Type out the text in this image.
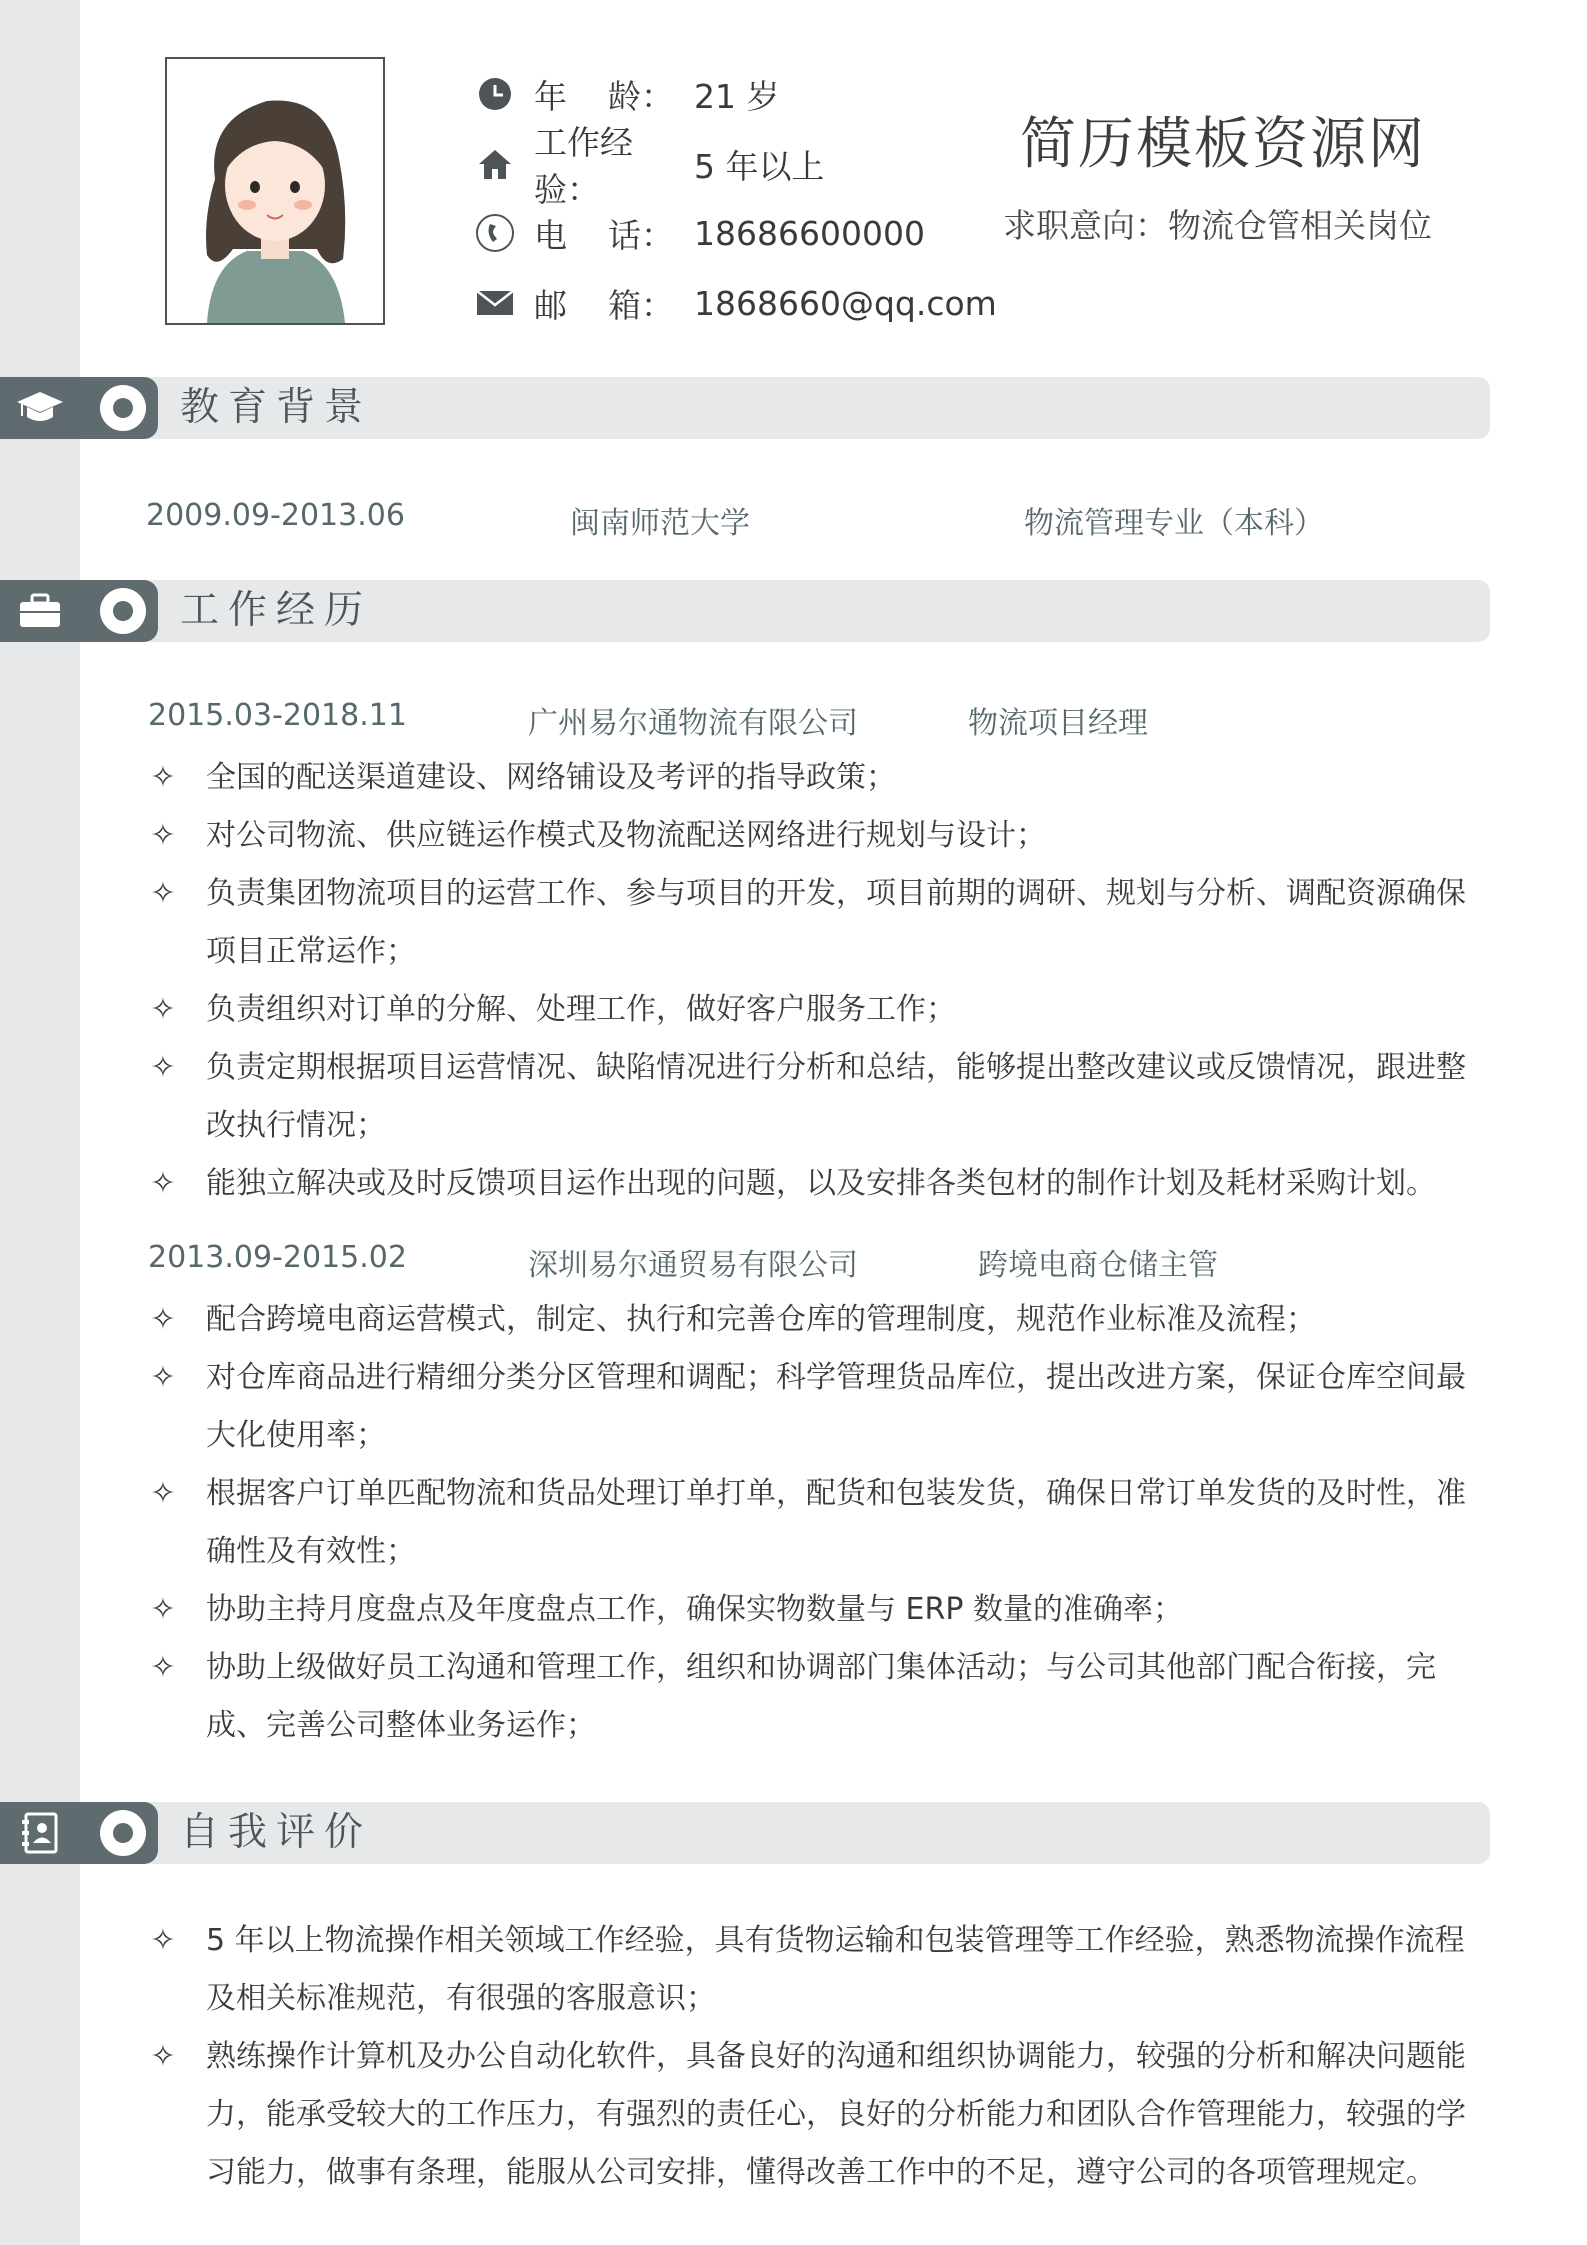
年 龄： 21 岁
工作经验：
5 年以上
电 话： 18686600000
邮 箱： 1868660@qq.com
简历模板资源网
求职意向：物流仓管相关岗位
教育背景
2009.09-2013.06	闽南师范大学	物流管理专业（本科）
工作经历
2015.03-2018.11	广州易尔通物流有限公司	物流项目经理
✧ 全国的配送渠道建设、网络铺设及考评的指导政策；
✧ 对公司物流、供应链运作模式及物流配送网络进行规划与设计；
✧ 负责集团物流项目的运营工作、参与项目的开发，项目前期的调研、规划与分析、调配资源确保项目正常运作；
✧ 负责组织对订单的分解、处理工作，做好客户服务工作；
✧ 负责定期根据项目运营情况、缺陷情况进行分析和总结，能够提出整改建议或反馈情况，跟进整改执行情况；
✧ 能独立解决或及时反馈项目运作出现的问题，以及安排各类包材的制作计划及耗材采购计划。
2013.09-2015.02	深圳易尔通贸易有限公司	跨境电商仓储主管
✧ 配合跨境电商运营模式，制定、执行和完善仓库的管理制度，规范作业标准及流程；
✧ 对仓库商品进行精细分类分区管理和调配；科学管理货品库位，提出改进方案，保证仓库空间最大化使用率；
✧ 根据客户订单匹配物流和货品处理订单打单，配货和包装发货，确保日常订单发货的及时性，准确性及有效性；
✧ 协助主持月度盘点及年度盘点工作，确保实物数量与 ERP 数量的准确率；
✧ 协助上级做好员工沟通和管理工作，组织和协调部门集体活动；与公司其他部门配合衔接，完成、完善公司整体业务运作；
自我评价
✧ 5 年以上物流操作相关领域工作经验，具有货物运输和包装管理等工作经验，熟悉物流操作流程及相关标准规范，有很强的客服意识；
✧ 熟练操作计算机及办公自动化软件，具备良好的沟通和组织协调能力，较强的分析和解决问题能力，能承受较大的工作压力，有强烈的责任心，良好的分析能力和团队合作管理能力，较强的学习能力，做事有条理，能服从公司安排，懂得改善工作中的不足，遵守公司的各项管理规定。
